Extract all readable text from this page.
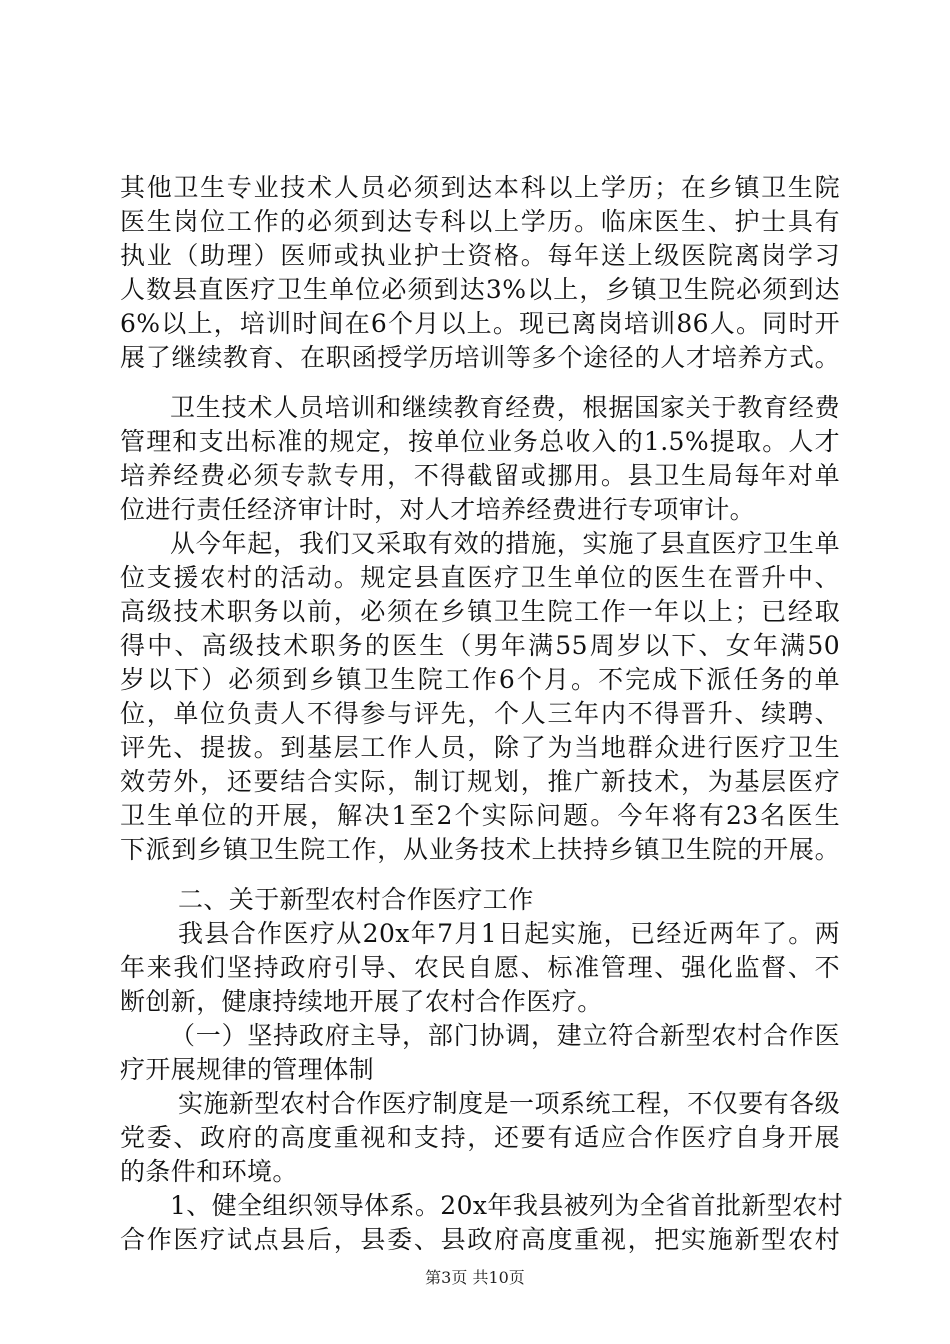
其他卫生专业技术人员必须到达本科以上学历；在乡镇卫生院
医生岗位工作的必须到达专科以上学历。临床医生、护士具有
执业（助理）医师或执业护士资格。每年送上级医院离岗学习
人数县直医疗卫生单位必须到达3%以上，乡镇卫生院必须到达
6%以上，培训时间在6个月以上。现已离岗培训86人。同时开
展了继续教育、在职函授学历培训等多个途径的人才培养方式。
卫生技术人员培训和继续教育经费，根据国家关于教育经费
管理和支出标准的规定，按单位业务总收入的1.5%提取。人才
培养经费必须专款专用，不得截留或挪用。县卫生局每年对单
位进行责任经济审计时，对人才培养经费进行专项审计。
从今年起，我们又采取有效的措施，实施了县直医疗卫生单
位支援农村的活动。规定县直医疗卫生单位的医生在晋升中、
高级技术职务以前，必须在乡镇卫生院工作一年以上；已经取
得中、高级技术职务的医生（男年满55周岁以下、女年满50
岁以下）必须到乡镇卫生院工作6个月。不完成下派任务的单
位，单位负责人不得参与评先，个人三年内不得晋升、续聘、
评先、提拔。到基层工作人员，除了为当地群众进行医疗卫生
效劳外，还要结合实际，制订规划，推广新技术，为基层医疗
卫生单位的开展，解决1至2个实际问题。今年将有23名医生
下派到乡镇卫生院工作，从业务技术上扶持乡镇卫生院的开展。
二、关于新型农村合作医疗工作
我县合作医疗从20x年7月1日起实施，已经近两年了。两
年来我们坚持政府引导、农民自愿、标准管理、强化监督、不
断创新，健康持续地开展了农村合作医疗。
（一）坚持政府主导，部门协调，建立符合新型农村合作医
疗开展规律的管理体制
实施新型农村合作医疗制度是一项系统工程，不仅要有各级
党委、政府的高度重视和支持，还要有适应合作医疗自身开展
的条件和环境。
1、健全组织领导体系。20x年我县被列为全省首批新型农村
合作医疗试点县后，县委、县政府高度重视，把实施新型农村
第3页 共10页
